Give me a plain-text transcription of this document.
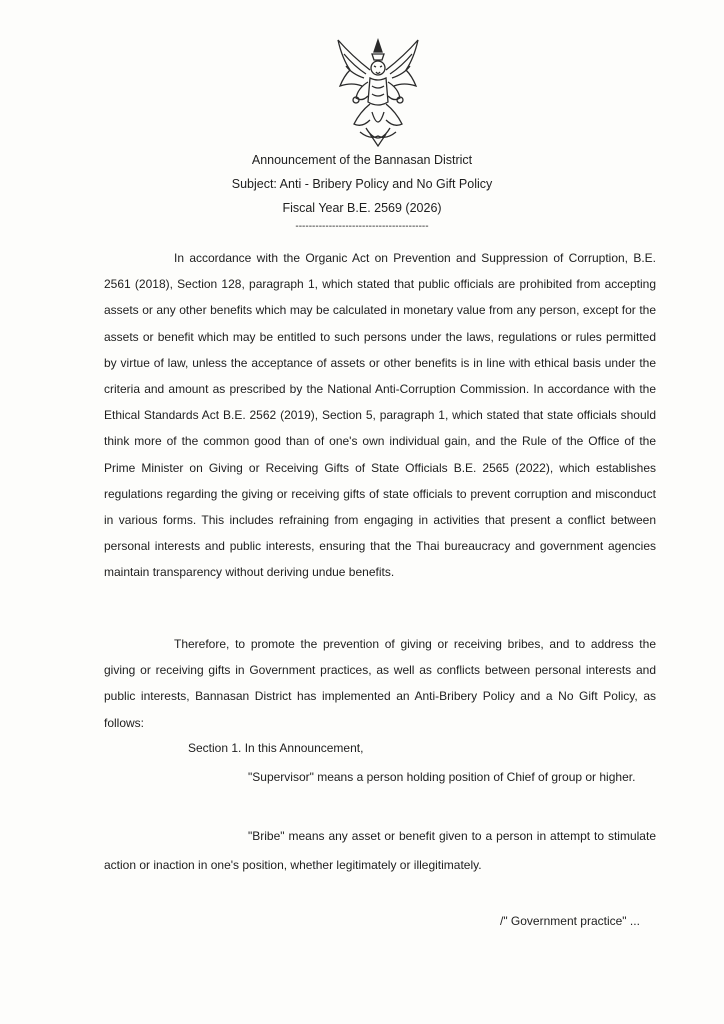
Announcement of the Bannasan District
Subject: Anti - Bribery Policy and No Gift Policy
Fiscal Year B.E. 2569 (2026)
----------------------------------------

In accordance with the Organic Act on Prevention and Suppression of Corruption, B.E. 2561 (2018), Section 128, paragraph 1, which stated that public officials are prohibited from accepting assets or any other benefits which may be calculated in monetary value from any person, except for the assets or benefit which may be entitled to such persons under the laws, regulations or rules permitted by virtue of law, unless the acceptance of assets or other benefits is in line with ethical basis under the criteria and amount as prescribed by the National Anti-Corruption Commission. In accordance with the Ethical Standards Act B.E. 2562 (2019), Section 5, paragraph 1, which stated that state officials should think more of the common good than of one's own individual gain, and the Rule of the Office of the Prime Minister on Giving or Receiving Gifts of State Officials B.E. 2565 (2022), which establishes regulations regarding the giving or receiving gifts of state officials to prevent corruption and misconduct in various forms. This includes refraining from engaging in activities that present a conflict between personal interests and public interests, ensuring that the Thai bureaucracy and government agencies maintain transparency without deriving undue benefits.

Therefore, to promote the prevention of giving or receiving bribes, and to address the giving or receiving gifts in Government practices, as well as conflicts between personal interests and public interests, Bannasan District has implemented an Anti-Bribery Policy and a No Gift Policy, as follows:

Section 1. In this Announcement,

"Supervisor" means a person holding position of Chief of group or higher.

"Bribe" means any asset or benefit given to a person in attempt to stimulate action or inaction in one's position, whether legitimately or illegitimately.

/" Government practice" ...
